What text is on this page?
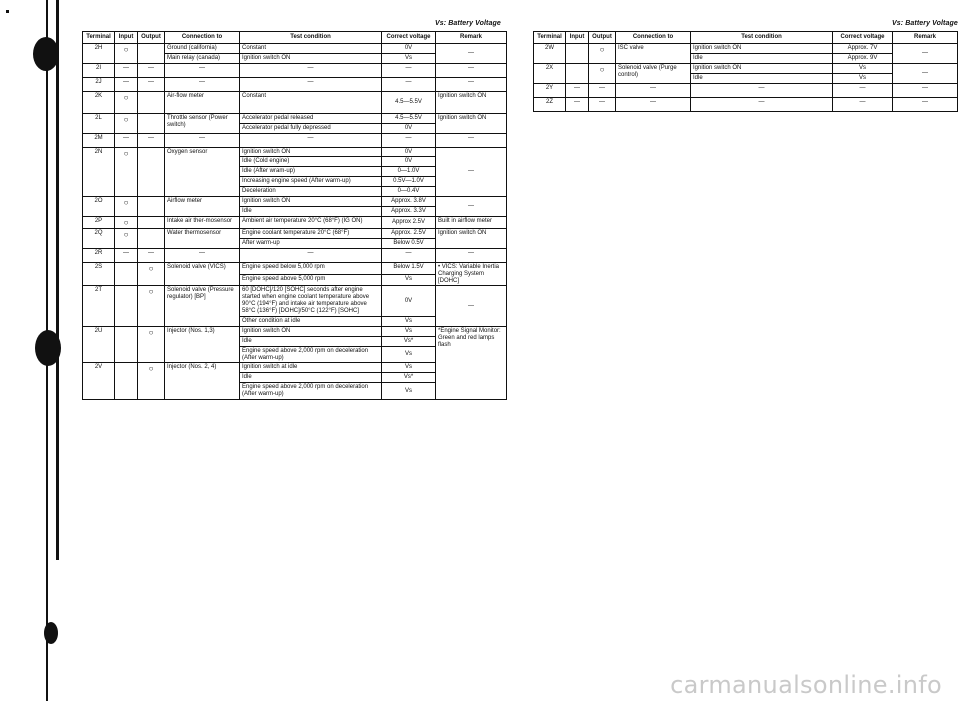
Vs: Battery Voltage	Vs: Battery Voltage
Terminal	Input	Output	Connection to	Test condition	Correct voltage	Remark
2H	○		Ground (california)	Constant	0V	—
			Main relay (canada)	Ignition switch ON	Vs	
2I	—	—	—	—	—	—
2J	—	—	—	—	—	—
2K	○		Air-flow meter	Constant	4.5—5.5V	Ignition switch ON
2L	○		Throttle sensor (Power switch)	Accelerator pedal released	4.5—5.5V	Ignition switch ON
				Accelerator pedal fully depressed	0V	
2M	—	—	—	—	—	—
2N	○		Oxygen sensor	Ignition switch ON	0V	—
				Idle (Cold engine)	0V	
				Idle (After wram-up)	0—1.0V	
				Increasing engine speed (After warm-up)	0.5V—1.0V	
				Deceleration	0—0.4V	
2O	○		Airflow meter	Ignition switch ON	Approx. 3.8V	—
				Idle	Approx. 3.3V	
2P	○		Intake air ther-mosensor	Ambient air temperature 20°C (68°F) (IG ON)	Approx 2.5V	Built in airflow meter
2Q	○		Water thermosensor	Engine coolant temperature 20°C (68°F)	Approx. 2.5V	Ignition switch ON
				After warm-up	Below 0.5V	
2R	—	—	—	—	—	—
2S		○	Solenoid valve (VICS)	Engine speed below 5,000 rpm	Below 1.5V	• VICS: Variable Inertia Charging System [DOHC]
				Engine speed above 5,000 rpm	Vs	
2T		○	Solenoid valve (Pressure regulator) [BP]	60 [DOHC]/120 [SOHC] seconds after engine started when engine coolant temperature above 90°C (194°F) and intake air temperature above 58°C (136°F) [DOHC]/50°C (122°F) [SOHC]	0V	—
				Other condition at idle	Vs	
2U		○	Injector (Nos. 1,3)	Ignition switch ON	Vs	*Engine Signal Monitor: Green and red lamps flash
				Idle	Vs*	
				Engine speed above 2,000 rpm on deceleration (After warm-up)	Vs	
2V		○	Injector (Nos. 2, 4)	Ignition switch at idle	Vs	
				Idle	Vs*	
				Engine speed above 2,000 rpm on deceleration (After warm-up)	Vs	
Terminal	Input	Output	Connection to	Test condition	Correct voltage	Remark
2W		○	ISC valve	Ignition switch ON	Approx. 7V	—
				Idle	Approx. 9V	
2X		○	Solenoid valve (Purge control)	Ignition switch ON	Vs	—
				Idle	Vs	
2Y	—	—	—	—	—	—
2Z	—	—	—	—	—	—
carmanualsonline.info
